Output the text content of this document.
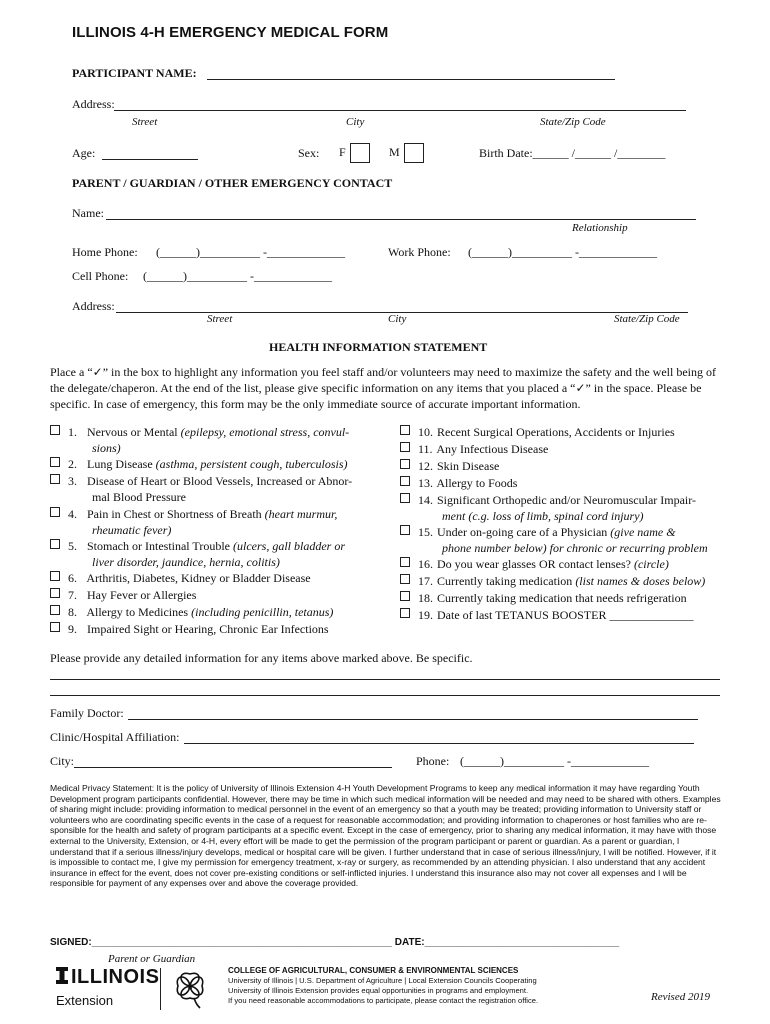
ILLINOIS 4-H EMERGENCY MEDICAL FORM
PARTICIPANT NAME:
Address:
Street	City	State/Zip Code
Age:	Sex: F	M	Birth Date:______ /______ /________
PARENT / GUARDIAN / OTHER EMERGENCY CONTACT
Name:
Relationship
Home Phone: (______)__________ -_____________	Work Phone: (______)__________ -_____________
Cell Phone: (______)__________ -_____________
Address:
Street	City	State/Zip Code
HEALTH INFORMATION STATEMENT
Place a “✓” in the box to highlight any information you feel staff and/or volunteers may need to maximize the safety and the well being of the delegate/chaperon. At the end of the list, please give specific information on any items that you placed a “✓” in the space. Please be specific. In case of emergency, this form may be the only immediate source of accurate important information.
1. Nervous or Mental (epilepsy, emotional stress, convul-
sions)
2. Lung Disease (asthma, persistent cough, tuberculosis)
3. Disease of Heart or Blood Vessels, Increased or Abnor-
mal Blood Pressure
4. Pain in Chest or Shortness of Breath (heart murmur,
rheumatic fever)
5. Stomach or Intestinal Trouble (ulcers, gall bladder or
liver disorder, jaundice, hernia, colitis)
6. Arthritis, Diabetes, Kidney or Bladder Disease
7. Hay Fever or Allergies
8. Allergy to Medicines (including penicillin, tetanus)
9. Impaired Sight or Hearing, Chronic Ear Infections
10. Recent Surgical Operations, Accidents or Injuries
11. Any Infectious Disease
12. Skin Disease
13. Allergy to Foods
14. Significant Orthopedic and/or Neuromuscular Impair-
ment (c.g. loss of limb, spinal cord injury)
15. Under on-going care of a Physician (give name &
phone number below) for chronic or recurring problem
16. Do you wear glasses OR contact lenses? (circle)
17. Currently taking medication (list names & doses below)
18. Currently taking medication that needs refrigeration
19. Date of last TETANUS BOOSTER ______________
Please provide any detailed information for any items above marked above. Be specific.
Family Doctor:
Clinic/Hospital Affiliation:
City:	Phone: (______)__________ -_____________
Medical Privacy Statement: It is the policy of University of Illinois Extension 4-H Youth Development Programs to keep any medical information it may have regarding Youth Development program participants confidential. However, there may be time in which such medical information will be needed and may need to be shared with others. Examples of sharing might include: providing information to medical personnel in the event of an emergency so that a youth may be treated; providing information to University staff or volunteers who are coordinating specific events in the case of a request for reasonable accommodation; and providing information to chaperones or host families who are re-sponsible for the health and safety of program participants at a specific event. Except in the case of emergency, prior to sharing any medical information, it may have with those external to the University, Extension, or 4-H, every effort will be made to get the permission of the program participant or parent or guardian. As a parent or guardian, I understand that if a serious illness/injury develops, medical or hospital care will be given. I further understand that in case of serious illness/injury, I will be notified. However, if it is impossible to contact me, I give my permission for emergency treatment, x-ray or surgery, as recommended by an attending physician. I also understand that any accident insurance in effect for the event, does not cover pre-existing conditions or self-inflicted injuries. I understand this insurance also may not cover all expenses and I will be responsible for payment of any expenses over and above the coverage provided.
SIGNED:______________________________________________________ DATE:___________________________________
Parent or Guardian
ILLINOIS
Extension
H
COLLEGE OF AGRICULTURAL, CONSUMER & ENVIRONMENTAL SCIENCES
University of Illinois | U.S. Department of Agriculture | Local Extension Councils Cooperating
University of Illinois Extension provides equal opportunities in programs and employment.
If you need reasonable accommodations to participate, please contact the registration office.	Revised 2019
